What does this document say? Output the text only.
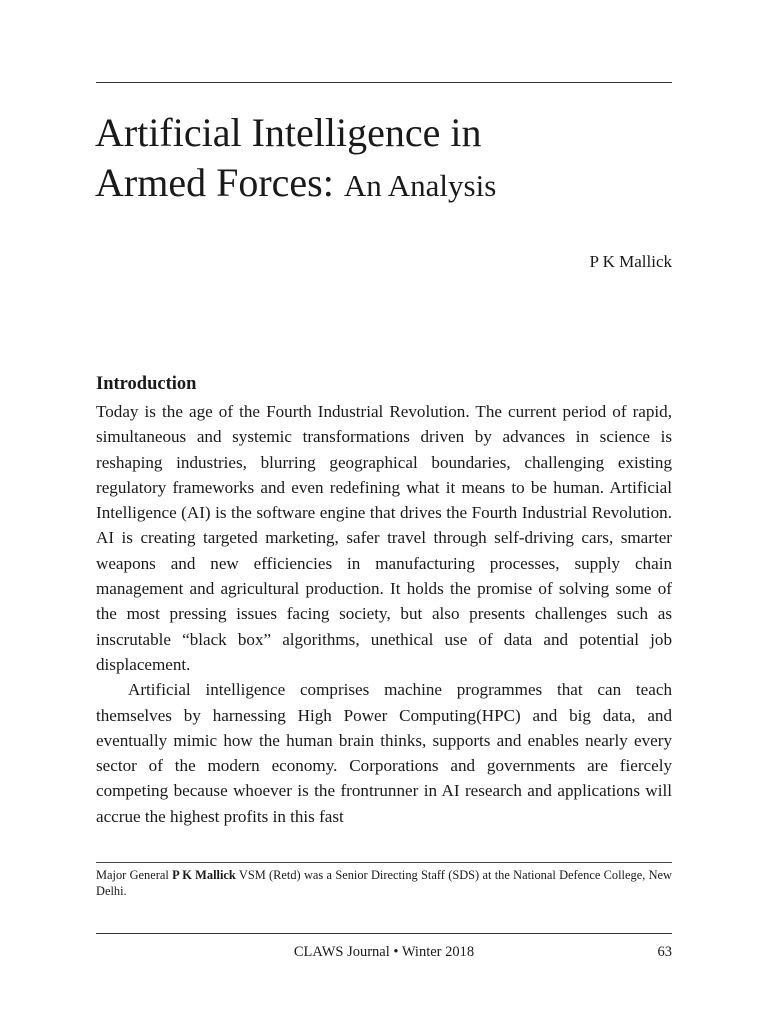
Artificial Intelligence in
Armed Forces: An Analysis
P K Mallick
Introduction

Today is the age of the Fourth Industrial Revolution. The current period of rapid, simultaneous and systemic transformations driven by advances in science is reshaping industries, blurring geographical boundaries, challenging existing regulatory frameworks and even redefining what it means to be human. Artificial Intelligence (AI) is the software engine that drives the Fourth Industrial Revolution. AI is creating targeted marketing, safer travel through self-driving cars, smarter weapons and new efficiencies in manufacturing processes, supply chain management and agricultural production. It holds the promise of solving some of the most pressing issues facing society, but also presents challenges such as inscrutable “black box” algorithms, unethical use of data and potential job displacement.

Artificial intelligence comprises machine programmes that can teach themselves by harnessing High Power Computing(HPC) and big data, and eventually mimic how the human brain thinks, supports and enables nearly every sector of the modern economy. Corporations and governments are fiercely competing because whoever is the frontrunner in AI research and applications will accrue the highest profits in this fast

Major General P K Mallick VSM (Retd) was a Senior Directing Staff (SDS) at the National Defence College, New Delhi.
CLAWS Journal • Winter 2018	63
